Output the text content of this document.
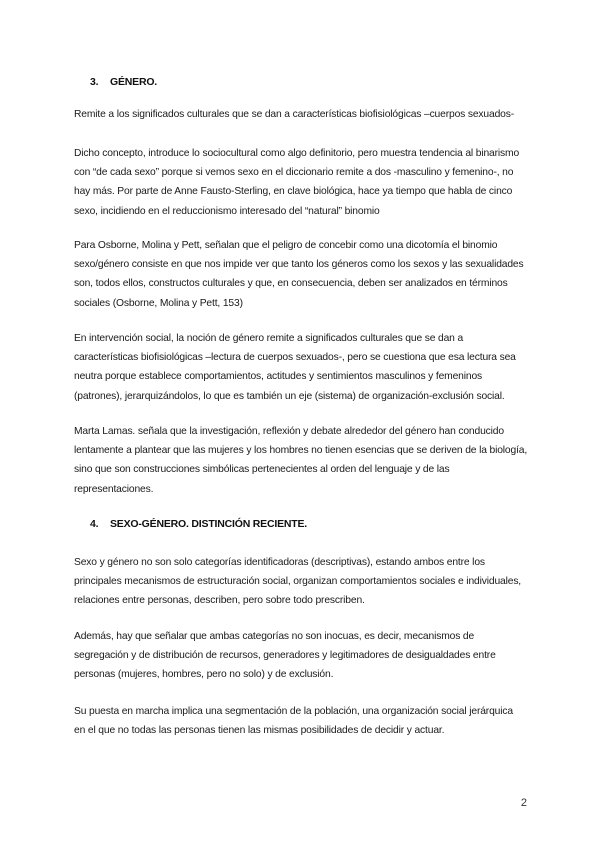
3. GÉNERO.
Remite a los significados culturales que se dan a características biofisiológicas –cuerpos sexuados-
Dicho concepto, introduce lo sociocultural como algo definitorio, pero muestra tendencia al binarismo
con “de cada sexo” porque si vemos sexo en el diccionario remite a dos -masculino y femenino-, no
hay más. Por parte de Anne Fausto-Sterling, en clave biológica, hace ya tiempo que habla de cinco
sexo, incidiendo en el reduccionismo interesado del “natural” binomio
Para Osborne, Molina y Pett, señalan que el peligro de concebir como una dicotomía el binomio
sexo/género consiste en que nos impide ver que tanto los géneros como los sexos y las sexualidades
son, todos ellos, constructos culturales y que, en consecuencia, deben ser analizados en términos
sociales (Osborne, Molina y Pett, 153)
En intervención social, la noción de género remite a significados culturales que se dan a
características biofisiológicas –lectura de cuerpos sexuados-, pero se cuestiona que esa lectura sea
neutra porque establece comportamientos, actitudes y sentimientos masculinos y femeninos
(patrones), jerarquizándolos, lo que es también un eje (sistema) de organización-exclusión social.
Marta Lamas. señala que la investigación, reflexión y debate alrededor del género han conducido
lentamente a plantear que las mujeres y los hombres no tienen esencias que se deriven de la biología,
sino que son construcciones simbólicas pertenecientes al orden del lenguaje y de las
representaciones.
4. SEXO-GÉNERO. DISTINCIÓN RECIENTE.
Sexo y género no son solo categorías identificadoras (descriptivas), estando ambos entre los
principales mecanismos de estructuración social, organizan comportamientos sociales e individuales,
relaciones entre personas, describen, pero sobre todo prescriben.
Además, hay que señalar que ambas categorías no son inocuas, es decir, mecanismos de
segregación y de distribución de recursos, generadores y legitimadores de desigualdades entre
personas (mujeres, hombres, pero no solo) y de exclusión.
Su puesta en marcha implica una segmentación de la población, una organización social jerárquica
en el que no todas las personas tienen las mismas posibilidades de decidir y actuar.
2
